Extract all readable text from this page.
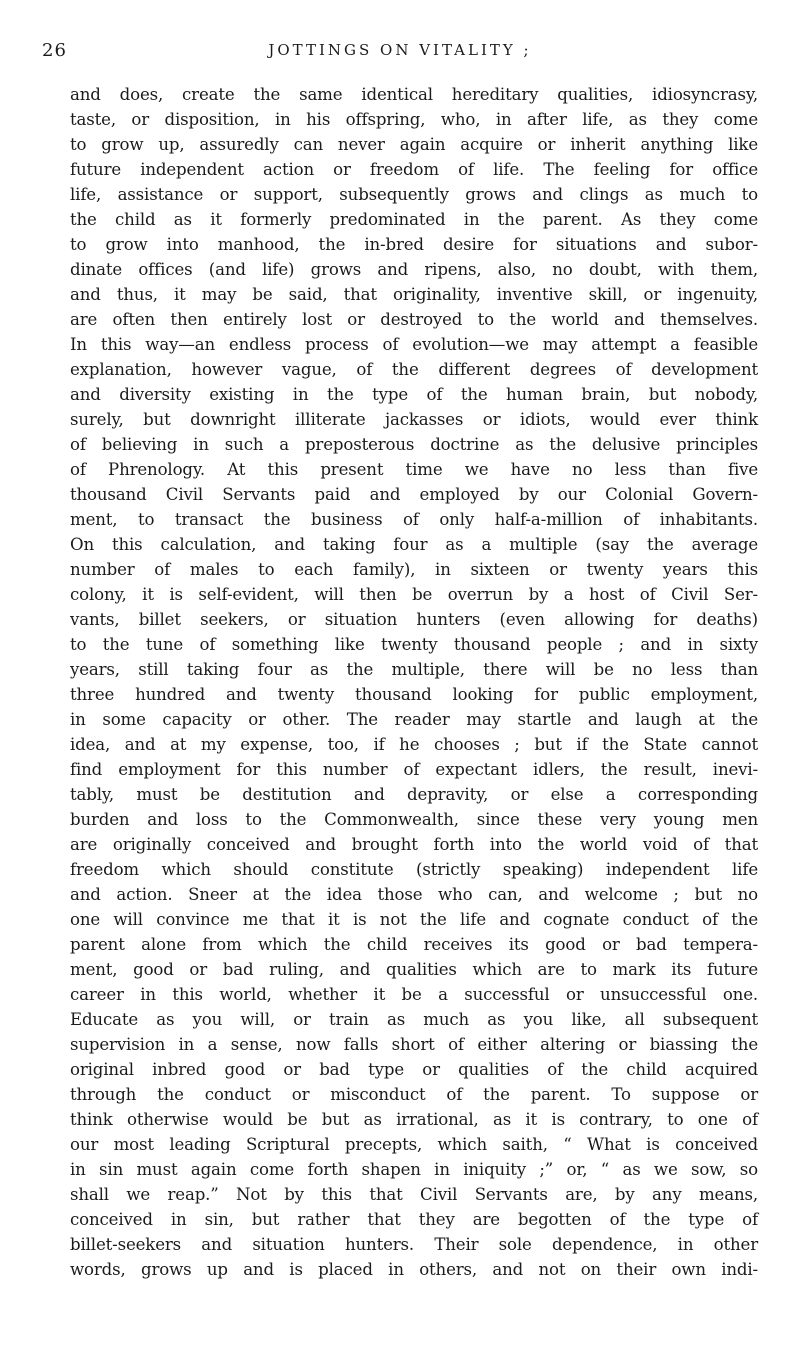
26	JOTTINGS ON VITALITY ;
and does, create the same identical hereditary qualities, idiosyncrasy,
taste, or disposition, in his offspring, who, in after life, as they come
to grow up, assuredly can never again acquire or inherit anything like
future independent action or freedom of life. The feeling for office
life, assistance or support, subsequently grows and clings as much to
the child as it formerly predominated in the parent. As they come
to grow into manhood, the in-bred desire for situations and subor-
dinate offices (and life) grows and ripens, also, no doubt, with them,
and thus, it may be said, that originality, inventive skill, or ingenuity,
are often then entirely lost or destroyed to the world and themselves.
In this way—an endless process of evolution—we may attempt a feasible
explanation, however vague, of the different degrees of development
and diversity existing in the type of the human brain, but nobody,
surely, but downright illiterate jackasses or idiots, would ever think
of believing in such a preposterous doctrine as the delusive principles
of Phrenology. At this present time we have no less than five
thousand Civil Servants paid and employed by our Colonial Govern-
ment, to transact the business of only half-a-million of inhabitants.
On this calculation, and taking four as a multiple (say the average
number of males to each family), in sixteen or twenty years this
colony, it is self-evident, will then be overrun by a host of Civil Ser-
vants, billet seekers, or situation hunters (even allowing for deaths)
to the tune of something like twenty thousand people ; and in sixty
years, still taking four as the multiple, there will be no less than
three hundred and twenty thousand looking for public employment,
in some capacity or other. The reader may startle and laugh at the
idea, and at my expense, too, if he chooses ; but if the State cannot
find employment for this number of expectant idlers, the result, inevi-
tably, must be destitution and depravity, or else a corresponding
burden and loss to the Commonwealth, since these very young men
are originally conceived and brought forth into the world void of that
freedom which should constitute (strictly speaking) independent life
and action. Sneer at the idea those who can, and welcome ; but no
one will convince me that it is not the life and cognate conduct of the
parent alone from which the child receives its good or bad tempera-
ment, good or bad ruling, and qualities which are to mark its future
career in this world, whether it be a successful or unsuccessful one.
Educate as you will, or train as much as you like, all subsequent
supervision in a sense, now falls short of either altering or biassing the
original inbred good or bad type or qualities of the child acquired
through the conduct or misconduct of the parent. To suppose or
think otherwise would be but as irrational, as it is contrary, to one of
our most leading Scriptural precepts, which saith, “ What is conceived
in sin must again come forth shapen in iniquity ;” or, “ as we sow, so
shall we reap.” Not by this that Civil Servants are, by any means,
conceived in sin, but rather that they are begotten of the type of
billet-seekers and situation hunters. Their sole dependence, in other
words, grows up and is placed in others, and not on their own indi-
